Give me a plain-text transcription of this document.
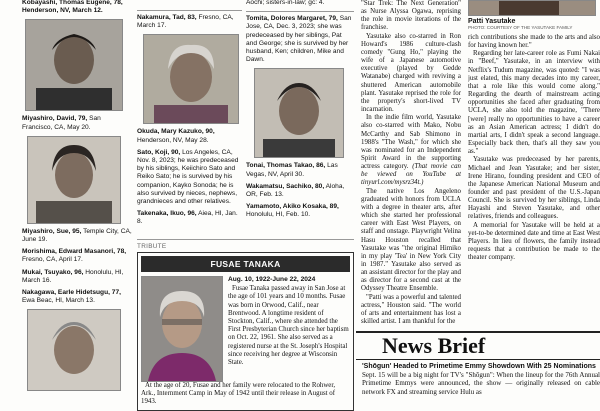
Kobayashi, Thomas Eugene, 78, Henderson, NV, March 12.
Miyashiro, David, 79, San Francisco, CA, May 20.
Miyashiro, Sue, 95, Temple City, CA, June 19.
Morishima, Edward Masanori, 78, Fresno, CA, April 17.
Mukai, Tsuyako, 96, Honolulu, HI, March 16.
Nakagawa, Earle Hidetsugu, 77, Ewa Beac, HI, March 13.
Nakamura, Tad, 83, Fresno, CA, March 17.
Okuda, Mary Kazuko, 90, Henderson, NV, May 28.
Sato, Koji, 90, Los Angeles, CA, Nov. 8, 2023; he was predeceased by his siblings, Keiichiro Sato and Reiko Sato; he is survived by his companion, Kayko Sonoda; he is also survived by nieces, nephews, grandnieces and other relatives.
Takenaka, Ikuo, 96, Aiea, HI, Jan. 8.
Aochi; sisters-in-law; gc: 4.
Tomita, Dolores Margaret, 79, San Jose, CA, Dec. 3, 2023; she was predeceased by her siblings, Pat and George; she is survived by her husband, Ken; children, Mike and Dawn.
Tonai, Thomas Takao, 86, Las Vegas, NV, April 30.
Wakamatsu, Sachiko, 80, Aloha, OR, Feb. 13.
Yamamoto, Akiko Kosaka, 89, Honolulu, HI, Feb. 10.
TRIBUTE
FUSAE TANAKA
Aug. 10, 1922-June 22, 2024

Fusae Tanaka passed away in San Jose at the age of 101 years and 10 months. Fusae was born in Orwood, Calif., near Brentwood. A longtime resident of Stockton, Calif., where she attended the First Presbyterian Church since her baptism on Oct. 22, 1961. She also served as a registered nurse at the St. Joseph's Hospital since receiving her degree at Wisconsin State.

At the age of 20, Fusae and her family were relocated to the Rohwer, Ark., Internment Camp in May of 1942 until their release in August of 1943.

"Star Trek: The Next Generation" as Nurse Alyssa Ogawa, reprising the role in movie iterations of the franchise.

Yasutake also co-starred in Ron Howard's 1986 culture-clash comedy "Gung Ho," playing the wife of a Japanese automotive executive (played by Gedde Watanabe) charged with reviving a shuttered American automobile plant. Yasutake reprised the role for the property's short-lived TV incarnation.

In the indie film world, Yasutake also co-starred with Mako, Nobu McCarthy and Sab Shimono in 1988's "The Wash," for which she was nominated for an Independent Spirit Award in the supporting actress category. (That movie can be viewed on YouTube at tinyurl.com/mysrz34t.)

The native Los Angeleno graduated with honors from UCLA with a degree in theater arts, after which she started her professional career with East West Players, on staff and onstage. Playwright Velina Hasu Houston recalled that Yasutake was "the original Himiko in my play 'Tea' in New York City in 1987." Yasutake also served as an assistant director for the play and as director for a second cast at the Odyssey Theatre Ensemble.

"Patti was a powerful and talented actress," Houston said. "The world of arts and entertainment has lost a skilled artist. I am thankful for the

Patti Yasutake
PHOTO: COURTESY OF THE YASUTAKE FAMILY

rich contributions she made to the arts and also for having known her."

Regarding her late-career role as Fumi Nakai in "Beef," Yasutake, in an interview with Netflix's Tudum magazine, was quoted: "I was just elated, this many decades into my career, that a role like this would come along." Regarding the dearth of mainstream acting opportunities she faced after graduating from UCLA, she also told the magazine, "There [were] really no opportunities to have a career as an Asian American actress; I didn't do martial arts, I didn't speak a second language. Especially back then, that's all they saw you as."

Yasutake was predeceased by her parents, Michael and Jean Yasutake; and her sister, Irene Hirano, founding president and CEO of the Japanese American National Museum and founder and past president of the U.S.-Japan Council. She is survived by her siblings, Linda Hayashi and Steven Yasutake, and other relatives, friends and colleagues.

A memorial for Yasutake will be held at a yet-to-be determined date and time at East West Players. In lieu of flowers, the family instead requests that a contribution be made to the theater company.

News Brief
'Shōgun' Headed to Primetime Emmy Showdown With 25 Nominations
Sept. 15 will be a big night for TV's "Shōgun": When the lineup for the 76th Annual Primetime Emmys were announced, the show — originally released on cable network FX and streaming service Hulu as
